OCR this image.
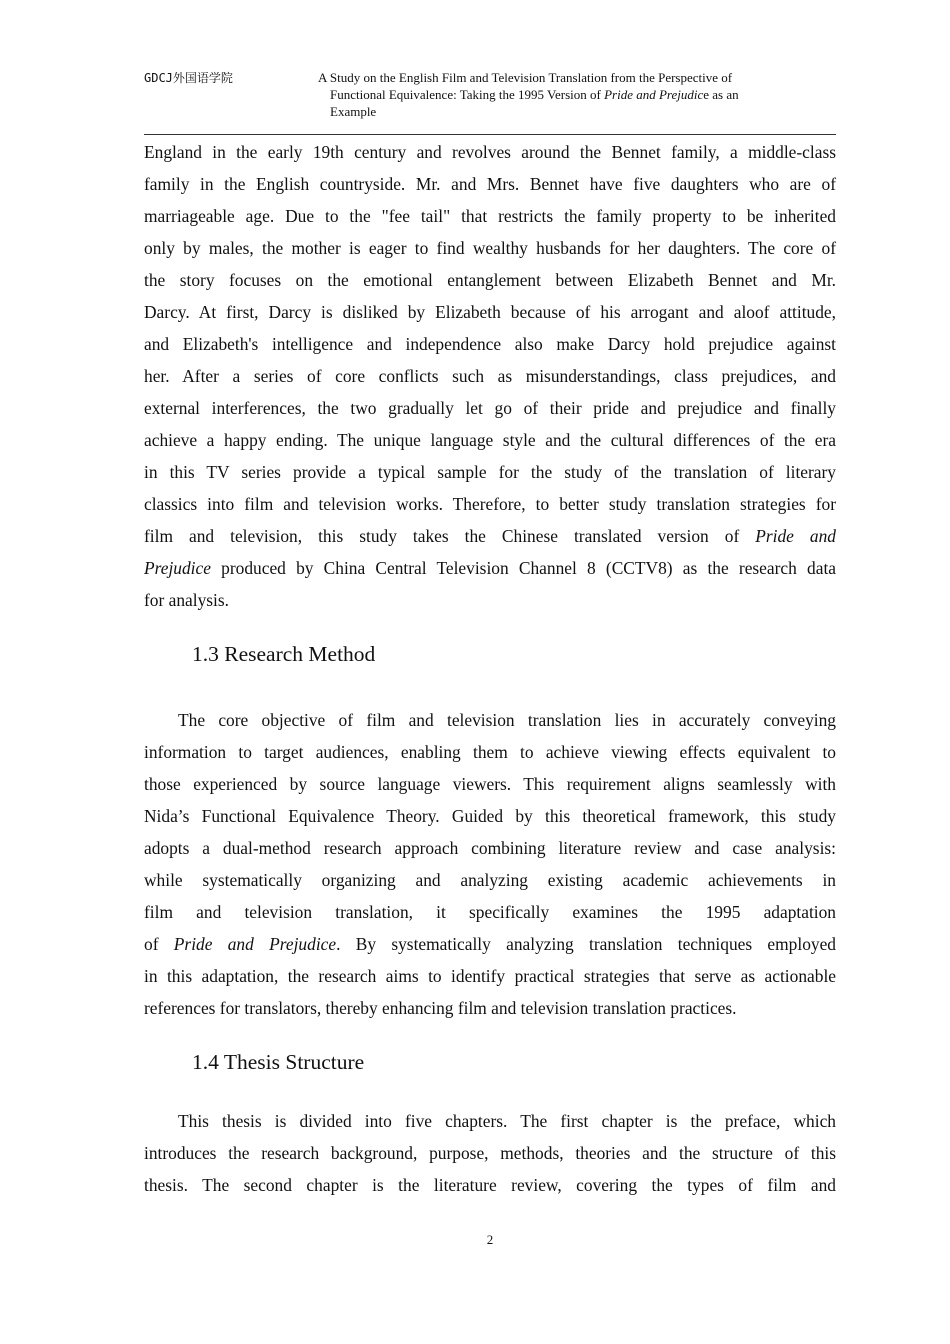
GDCJ外国语学院	A Study on the English Film and Television Translation from the Perspective of
Functional Equivalence: Taking the 1995 Version of Pride and Prejudice as an
Example
England in the early 19th century and revolves around the Bennet family, a middle-class
family in the English countryside. Mr. and Mrs. Bennet have five daughters who are of
marriageable age. Due to the "fee tail" that restricts the family property to be inherited
only by males, the mother is eager to find wealthy husbands for her daughters. The core of
the story focuses on the emotional entanglement between Elizabeth Bennet and Mr.
Darcy. At first, Darcy is disliked by Elizabeth because of his arrogant and aloof attitude,
and Elizabeth's intelligence and independence also make Darcy hold prejudice against
her. After a series of core conflicts such as misunderstandings, class prejudices, and
external interferences, the two gradually let go of their pride and prejudice and finally
achieve a happy ending. The unique language style and the cultural differences of the era
in this TV series provide a typical sample for the study of the translation of literary
classics into film and television works. Therefore, to better study translation strategies for
film and television, this study takes the Chinese translated version of Pride and
Prejudice produced by China Central Television Channel 8 (CCTV8) as the research data
for analysis.
1.3 Research Method
The core objective of film and television translation lies in accurately conveying
information to target audiences, enabling them to achieve viewing effects equivalent to
those experienced by source language viewers. This requirement aligns seamlessly with
Nida’s Functional Equivalence Theory. Guided by this theoretical framework, this study
adopts a dual-method research approach combining literature review and case analysis:
while systematically organizing and analyzing existing academic achievements in
film and television translation, it specifically examines the 1995 adaptation
of Pride and Prejudice. By systematically analyzing translation techniques employed
in this adaptation, the research aims to identify practical strategies that serve as actionable
references for translators, thereby enhancing film and television translation practices.
1.4 Thesis Structure
This thesis is divided into five chapters. The first chapter is the preface, which
introduces the research background, purpose, methods, theories and the structure of this
thesis. The second chapter is the literature review, covering the types of film and
2
